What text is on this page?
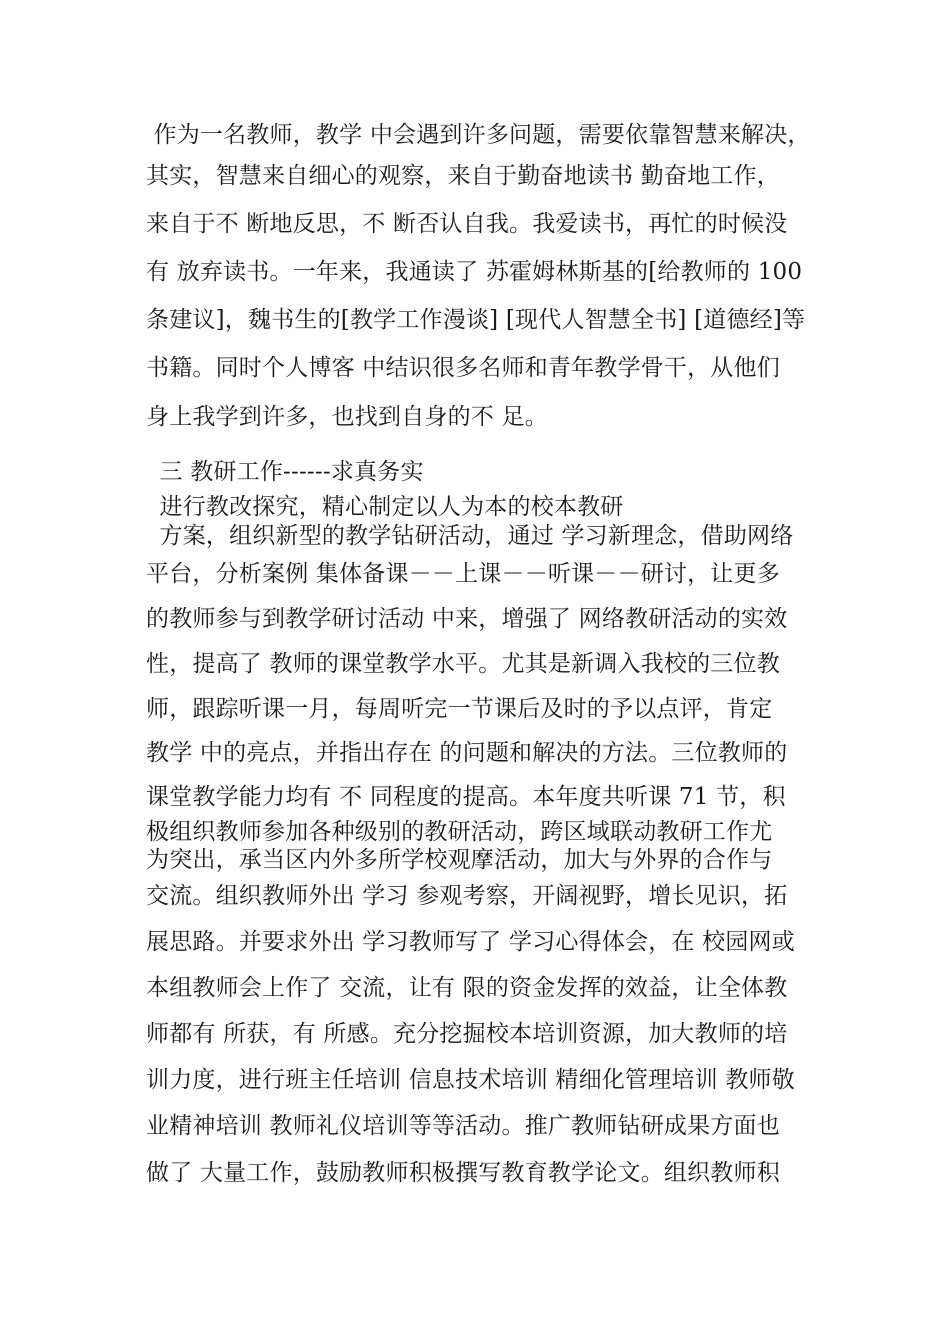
作为一名教师，教学 中会遇到许多问题，需要依靠智慧来解决，
其实，智慧来自细心的观察，来自于勤奋地读书 勤奋地工作，
来自于不 断地反思，不 断否认自我。我爱读书，再忙的时候没
有 放弃读书。一年来，我通读了 苏霍姆林斯基的[给教师的 100
条建议]，魏书生的[教学工作漫谈] [现代人智慧全书] [道德经]等
书籍。同时个人博客 中结识很多名师和青年教学骨干，从他们
身上我学到许多，也找到自身的不 足。
三 教研工作------求真务实
进行教改探究，精心制定以人为本的校本教研
方案，组织新型的教学钻研活动，通过 学习新理念，借助网络
平台，分析案例 集体备课－－上课－－听课－－研讨，让更多
的教师参与到教学研讨活动 中来，增强了 网络教研活动的实效
性，提高了 教师的课堂教学水平。尤其是新调入我校的三位教
师，跟踪听课一月，每周听完一节课后及时的予以点评，肯定
教学 中的亮点，并指出存在 的问题和解决的方法。三位教师的
课堂教学能力均有 不 同程度的提高。本年度共听课 71 节，积
极组织教师参加各种级别的教研活动，跨区域联动教研工作尤
为突出，承当区内外多所学校观摩活动，加大与外界的合作与
交流。组织教师外出 学习 参观考察，开阔视野，增长见识，拓
展思路。并要求外出 学习教师写了 学习心得体会，在 校园网或
本组教师会上作了 交流，让有 限的资金发挥的效益，让全体教
师都有 所获，有 所感。充分挖掘校本培训资源，加大教师的培
训力度，进行班主任培训 信息技术培训 精细化管理培训 教师敬
业精神培训 教师礼仪培训等等活动。推广教师钻研成果方面也
做了 大量工作，鼓励教师积极撰写教育教学论文。组织教师积
